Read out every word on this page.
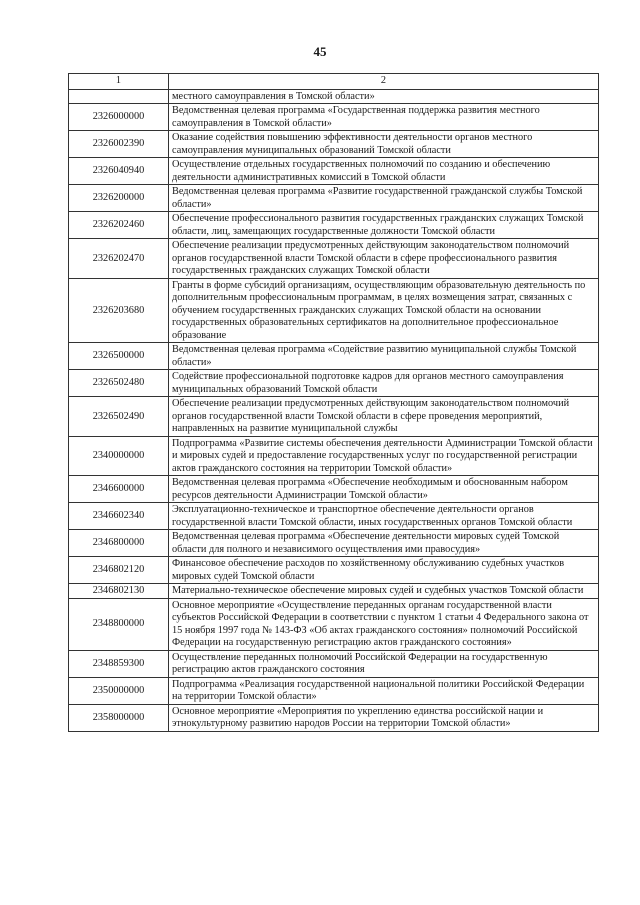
45
1	2
	местного самоуправления в Томской области»
2326000000	Ведомственная целевая программа «Государственная поддержка развития местного самоуправления в Томской области»
2326002390	Оказание содействия повышению эффективности деятельности органов местного самоуправления муниципальных образований Томской области
2326040940	Осуществление отдельных государственных полномочий по созданию и обеспечению деятельности административных комиссий в Томской области
2326200000	Ведомственная целевая программа «Развитие государственной гражданской службы Томской области»
2326202460	Обеспечение профессионального развития государственных гражданских служащих Томской области, лиц, замещающих государственные должности Томской области
2326202470	Обеспечение реализации предусмотренных действующим законодательством полномочий органов государственной власти Томской области в сфере профессионального развития государственных гражданских служащих Томской области
2326203680	Гранты в форме субсидий организациям, осуществляющим образовательную деятельность по дополнительным профессиональным программам, в целях возмещения затрат, связанных с обучением государственных гражданских служащих Томской области на основании государственных образовательных сертификатов на дополнительное профессиональное образование
2326500000	Ведомственная целевая программа «Содействие развитию муниципальной службы Томской области»
2326502480	Содействие профессиональной подготовке кадров для органов местного самоуправления муниципальных образований Томской области
2326502490	Обеспечение реализации предусмотренных действующим законодательством полномочий органов государственной власти Томской области в сфере проведения мероприятий, направленных на развитие муниципальной службы
2340000000	Подпрограмма «Развитие системы обеспечения деятельности Администрации Томской области и мировых судей и предоставление государственных услуг по государственной регистрации актов гражданского состояния на территории Томской области»
2346600000	Ведомственная целевая программа «Обеспечение необходимым и обоснованным набором ресурсов деятельности Администрации Томской области»
2346602340	Эксплуатационно-техническое и транспортное обеспечение деятельности органов государственной власти Томской области, иных государственных органов Томской области
2346800000	Ведомственная целевая программа «Обеспечение деятельности мировых судей Томской области для полного и независимого осуществления ими правосудия»
2346802120	Финансовое обеспечение расходов по хозяйственному обслуживанию судебных участков мировых судей Томской области
2346802130	Материально-техническое обеспечение мировых судей и судебных участков Томской области
2348800000	Основное мероприятие «Осуществление переданных органам государственной власти субъектов Российской Федерации в соответствии с пунктом 1 статьи 4 Федерального закона от 15 ноября 1997 года № 143-ФЗ «Об актах гражданского состояния» полномочий Российской Федерации на государственную регистрацию актов гражданского состояния»
2348859300	Осуществление переданных полномочий Российской Федерации на государственную регистрацию актов гражданского состояния
2350000000	Подпрограмма «Реализация государственной национальной политики Российской Федерации на территории Томской области»
2358000000	Основное мероприятие «Мероприятия по укреплению единства российской нации и этнокультурному развитию народов России на территории Томской области»
